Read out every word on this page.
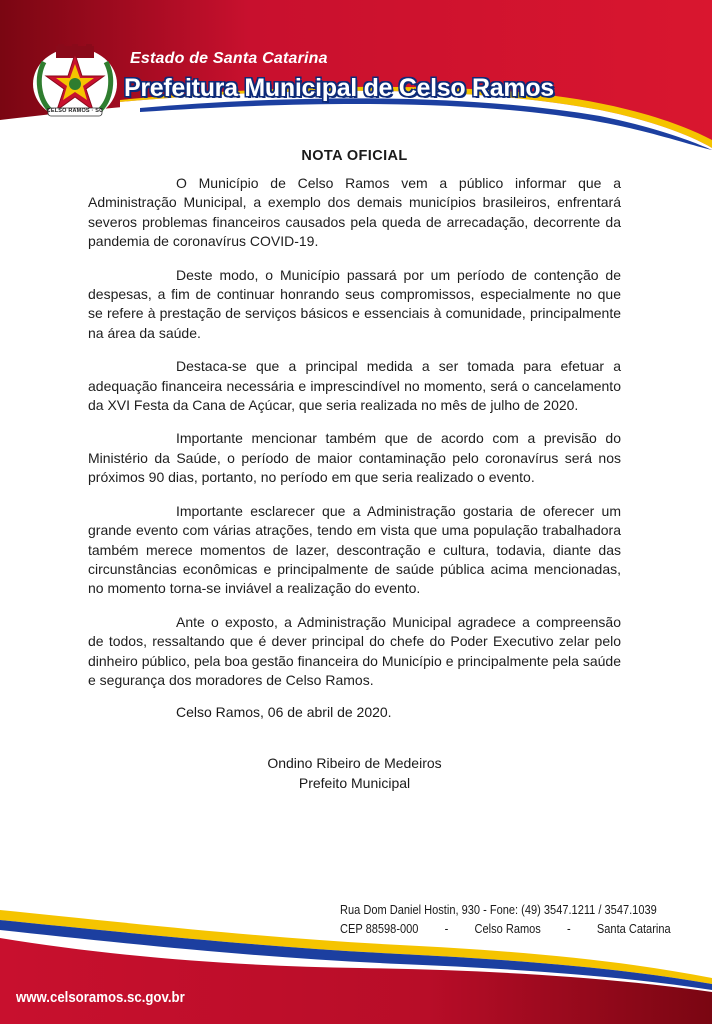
CELSO RAMOS · SC

Estado de Santa Catarina

Prefeitura Municipal de Celso Ramos

NOTA OFICIAL

O Município de Celso Ramos vem a público informar que a Administração Municipal, a exemplo dos demais municípios brasileiros, enfrentará severos problemas financeiros causados pela queda de arrecadação, decorrente da pandemia de coronavírus COVID-19.

Deste modo, o Município passará por um período de contenção de despesas, a fim de continuar honrando seus compromissos, especialmente no que se refere à prestação de serviços básicos e essenciais à comunidade, principalmente na área da saúde.

Destaca-se que a principal medida a ser tomada para efetuar a adequação financeira necessária e imprescindível no momento, será o cancelamento da XVI Festa da Cana de Açúcar, que seria realizada no mês de julho de 2020.

Importante mencionar também que de acordo com a previsão do Ministério da Saúde, o período de maior contaminação pelo coronavírus será nos próximos 90 dias, portanto, no período em que seria realizado o evento.

Importante esclarecer que a Administração gostaria de oferecer um grande evento com várias atrações, tendo em vista que uma população trabalhadora também merece momentos de lazer, descontração e cultura, todavia, diante das circunstâncias econômicas e principalmente de saúde pública acima mencionadas, no momento torna-se inviável a realização do evento.

Ante o exposto, a Administração Municipal agradece a compreensão de todos, ressaltando que é dever principal do chefe do Poder Executivo zelar pelo dinheiro público, pela boa gestão financeira do Município e principalmente pela saúde e segurança dos moradores de Celso Ramos.

Celso Ramos, 06 de abril de 2020.

Ondino Ribeiro de Medeiros
Prefeito Municipal
Rua Dom Daniel Hostin, 930 - Fone: (49) 3547.1211 / 3547.1039
CEP 88598-000 - Celso Ramos - Santa Catarina
www.celsoramos.sc.gov.br
